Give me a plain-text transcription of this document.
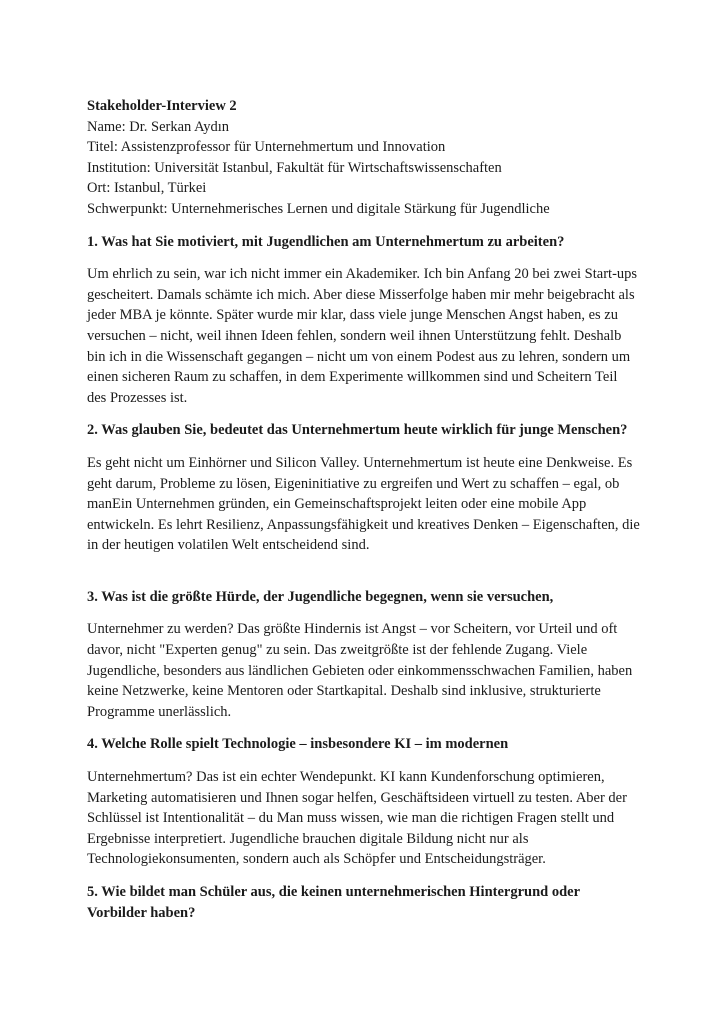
Stakeholder-Interview 2

Name: Dr. Serkan Aydın

Titel: Assistenzprofessor für Unternehmertum und Innovation

Institution: Universität Istanbul, Fakultät für Wirtschaftswissenschaften

Ort: Istanbul, Türkei

Schwerpunkt: Unternehmerisches Lernen und digitale Stärkung für Jugendliche

1. Was hat Sie motiviert, mit Jugendlichen am Unternehmertum zu arbeiten?

Um ehrlich zu sein, war ich nicht immer ein Akademiker. Ich bin Anfang 20 bei zwei Start-ups gescheitert. Damals schämte ich mich. Aber diese Misserfolge haben mir mehr beigebracht als jeder MBA je könnte. Später wurde mir klar, dass viele junge Menschen Angst haben, es zu versuchen – nicht, weil ihnen Ideen fehlen, sondern weil ihnen Unterstützung fehlt. Deshalb bin ich in die Wissenschaft gegangen – nicht um von einem Podest aus zu lehren, sondern um einen sicheren Raum zu schaffen, in dem Experimente willkommen sind und Scheitern Teil des Prozesses ist.

2. Was glauben Sie, bedeutet das Unternehmertum heute wirklich für junge Menschen?

Es geht nicht um Einhörner und Silicon Valley. Unternehmertum ist heute eine Denkweise. Es geht darum, Probleme zu lösen, Eigeninitiative zu ergreifen und Wert zu schaffen – egal, ob manEin Unternehmen gründen, ein Gemeinschaftsprojekt leiten oder eine mobile App entwickeln. Es lehrt Resilienz, Anpassungsfähigkeit und kreatives Denken – Eigenschaften, die in der heutigen volatilen Welt entscheidend sind.

3. Was ist die größte Hürde, der Jugendliche begegnen, wenn sie versuchen,

Unternehmer zu werden? Das größte Hindernis ist Angst – vor Scheitern, vor Urteil und oft davor, nicht "Experten genug" zu sein. Das zweitgrößte ist der fehlende Zugang. Viele Jugendliche, besonders aus ländlichen Gebieten oder einkommensschwachen Familien, haben keine Netzwerke, keine Mentoren oder Startkapital. Deshalb sind inklusive, strukturierte Programme unerlässlich.

4. Welche Rolle spielt Technologie – insbesondere KI – im modernen

Unternehmertum? Das ist ein echter Wendepunkt. KI kann Kundenforschung optimieren, Marketing automatisieren und Ihnen sogar helfen, Geschäftsideen virtuell zu testen. Aber der Schlüssel ist Intentionalität – du Man muss wissen, wie man die richtigen Fragen stellt und Ergebnisse interpretiert. Jugendliche brauchen digitale Bildung nicht nur als Technologiekonsumenten, sondern auch als Schöpfer und Entscheidungsträger.

5. Wie bildet man Schüler aus, die keinen unternehmerischen Hintergrund oder Vorbilder haben?
